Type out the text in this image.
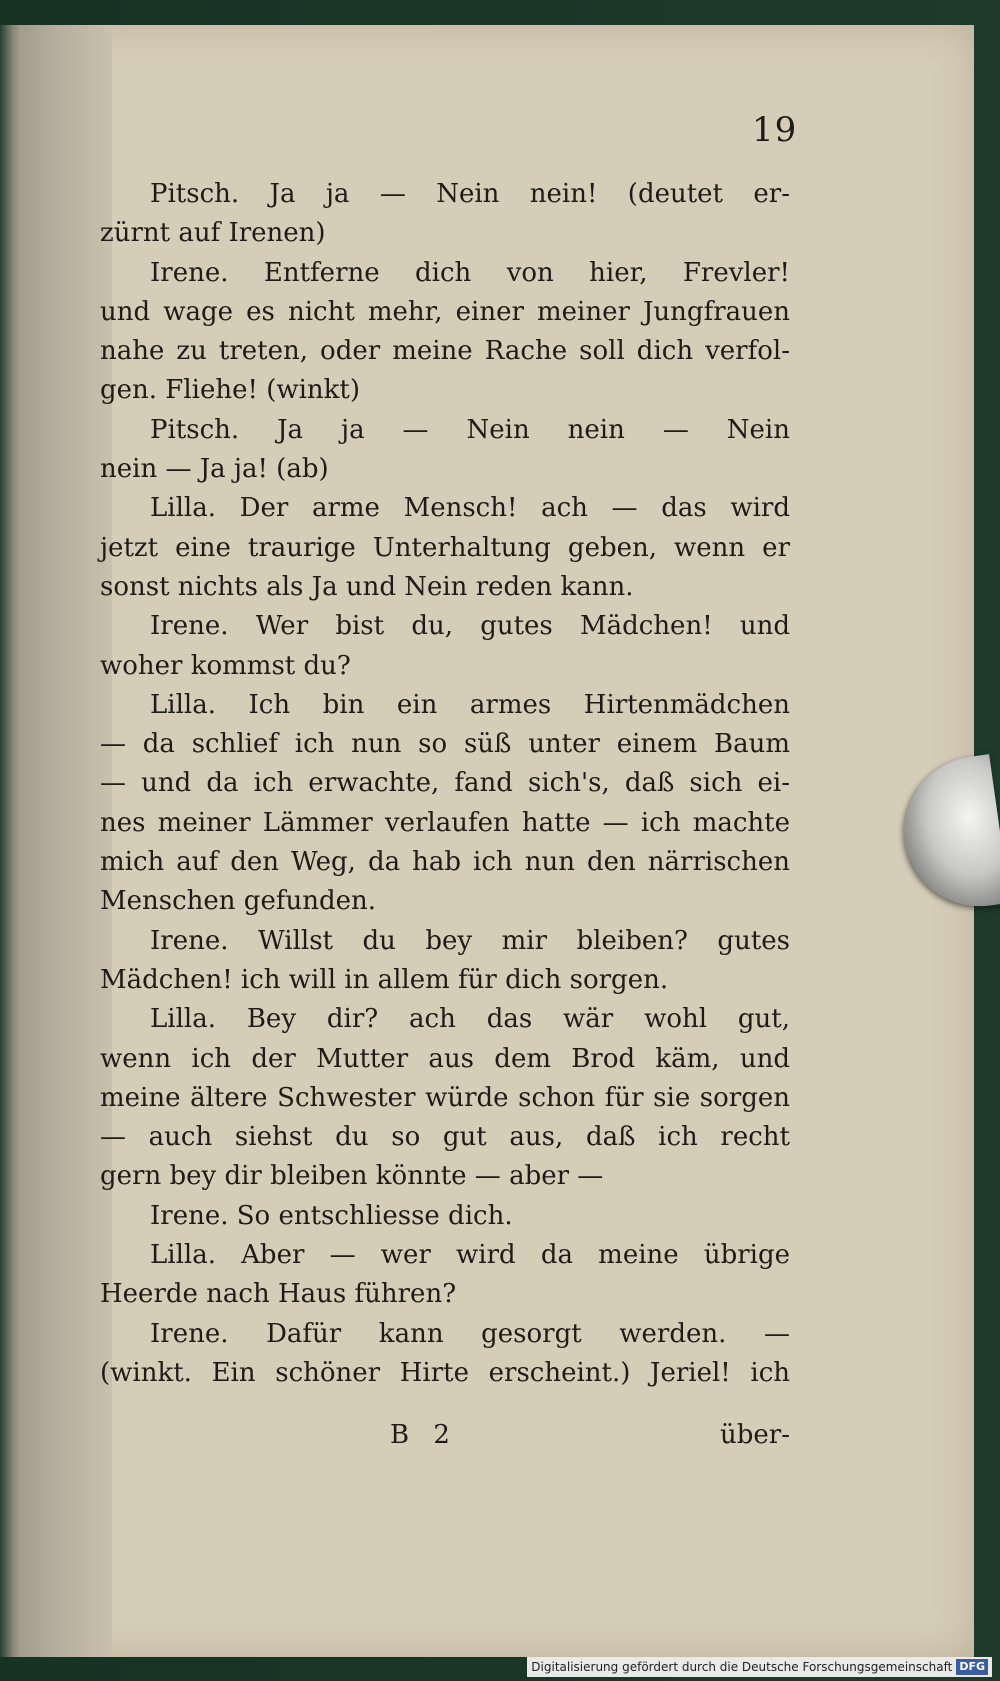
19
Pitsch. Ja ja — Nein nein! (deutet er-
zürnt auf Irenen)
Irene. Entferne dich von hier, Frevler!
und wage es nicht mehr, einer meiner Jungfrauen
nahe zu treten, oder meine Rache soll dich verfol-
gen. Fliehe! (winkt)
Pitsch. Ja ja — Nein nein — Nein
nein — Ja ja! (ab)
Lilla. Der arme Mensch! ach — das wird
jetzt eine traurige Unterhaltung geben, wenn er
sonst nichts als Ja und Nein reden kann.
Irene. Wer bist du, gutes Mädchen! und
woher kommst du?
Lilla. Ich bin ein armes Hirtenmädchen
— da schlief ich nun so süß unter einem Baum
— und da ich erwachte, fand sich's, daß sich ei-
nes meiner Lämmer verlaufen hatte — ich machte
mich auf den Weg, da hab ich nun den närrischen
Menschen gefunden.
Irene. Willst du bey mir bleiben? gutes
Mädchen! ich will in allem für dich sorgen.
Lilla. Bey dir? ach das wär wohl gut,
wenn ich der Mutter aus dem Brod käm, und
meine ältere Schwester würde schon für sie sorgen
— auch siehst du so gut aus, daß ich recht
gern bey dir bleiben könnte — aber —
Irene. So entschliesse dich.
Lilla. Aber — wer wird da meine übrige
Heerde nach Haus führen?
Irene. Dafür kann gesorgt werden. —
(winkt. Ein schöner Hirte erscheint.) Jeriel! ich
B 2	über-
Digitalisierung gefördert durch die Deutsche Forschungsgemeinschaft DFG
